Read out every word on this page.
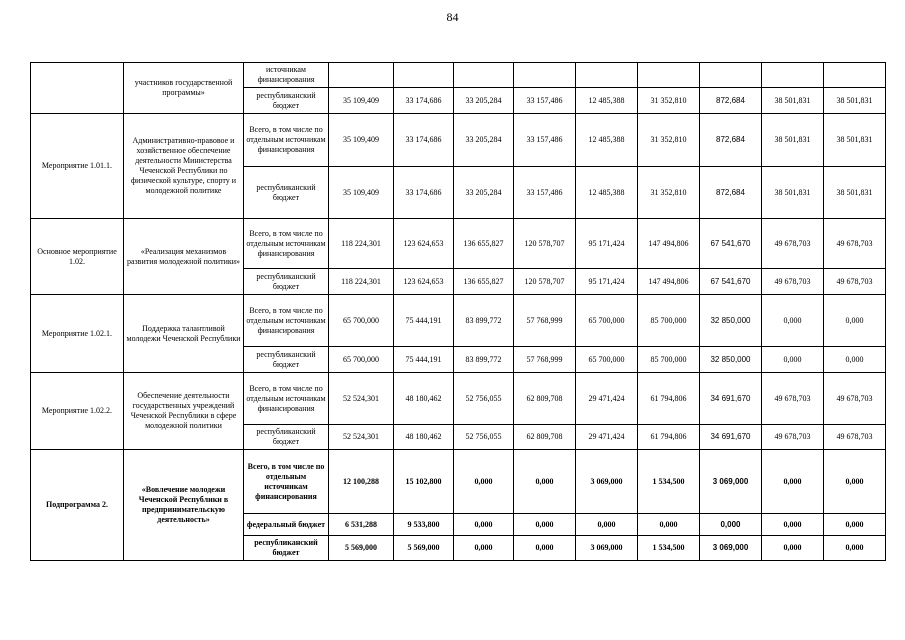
84
	участников государственной программы»	источникам финансирования									
		республиканский бюджет	35 109,409	33 174,686	33 205,284	33 157,486	12 485,388	31 352,810	872,684	38 501,831	38 501,831
Мероприятие 1.01.1.	Административно-правовое и хозяйственное обеспечение деятельности Министерства Чеченской Республики по физической культуре, спорту и молодежной политике	Всего, в том числе по отдельным источникам финансирования	35 109,409	33 174,686	33 205,284	33 157,486	12 485,388	31 352,810	872,684	38 501,831	38 501,831
		республиканский бюджет	35 109,409	33 174,686	33 205,284	33 157,486	12 485,388	31 352,810	872,684	38 501,831	38 501,831
Основное мероприятие 1.02.	«Реализация механизмов развития молодежной политики»	Всего, в том числе по отдельным источникам финансирования	118 224,301	123 624,653	136 655,827	120 578,707	95 171,424	147 494,806	67 541,670	49 678,703	49 678,703
		республиканский бюджет	118 224,301	123 624,653	136 655,827	120 578,707	95 171,424	147 494,806	67 541,670	49 678,703	49 678,703
Мероприятие 1.02.1.	Поддержка талантливой молодежи Чеченской Республики	Всего, в том числе по отдельным источникам финансирования	65 700,000	75 444,191	83 899,772	57 768,999	65 700,000	85 700,000	32 850,000	0,000	0,000
		республиканский бюджет	65 700,000	75 444,191	83 899,772	57 768,999	65 700,000	85 700,000	32 850,000	0,000	0,000
Мероприятие 1.02.2.	Обеспечение деятельности государственных учреждений Чеченской Республики в сфере молодежной политики	Всего, в том числе по отдельным источникам финансирования	52 524,301	48 180,462	52 756,055	62 809,708	29 471,424	61 794,806	34 691,670	49 678,703	49 678,703
		республиканский бюджет	52 524,301	48 180,462	52 756,055	62 809,708	29 471,424	61 794,806	34 691,670	49 678,703	49 678,703
Подпрограмма 2.	«Вовлечение молодежи Чеченской Республики в предпринимательскую деятельность»	Всего, в том числе по отдельным источникам финансирования	12 100,288	15 102,800	0,000	0,000	3 069,000	1 534,500	3 069,000	0,000	0,000
		федеральный бюджет	6 531,288	9 533,800	0,000	0,000	0,000	0,000	0,000	0,000	0,000
		республиканский бюджет	5 569,000	5 569,000	0,000	0,000	3 069,000	1 534,500	3 069,000	0,000	0,000
